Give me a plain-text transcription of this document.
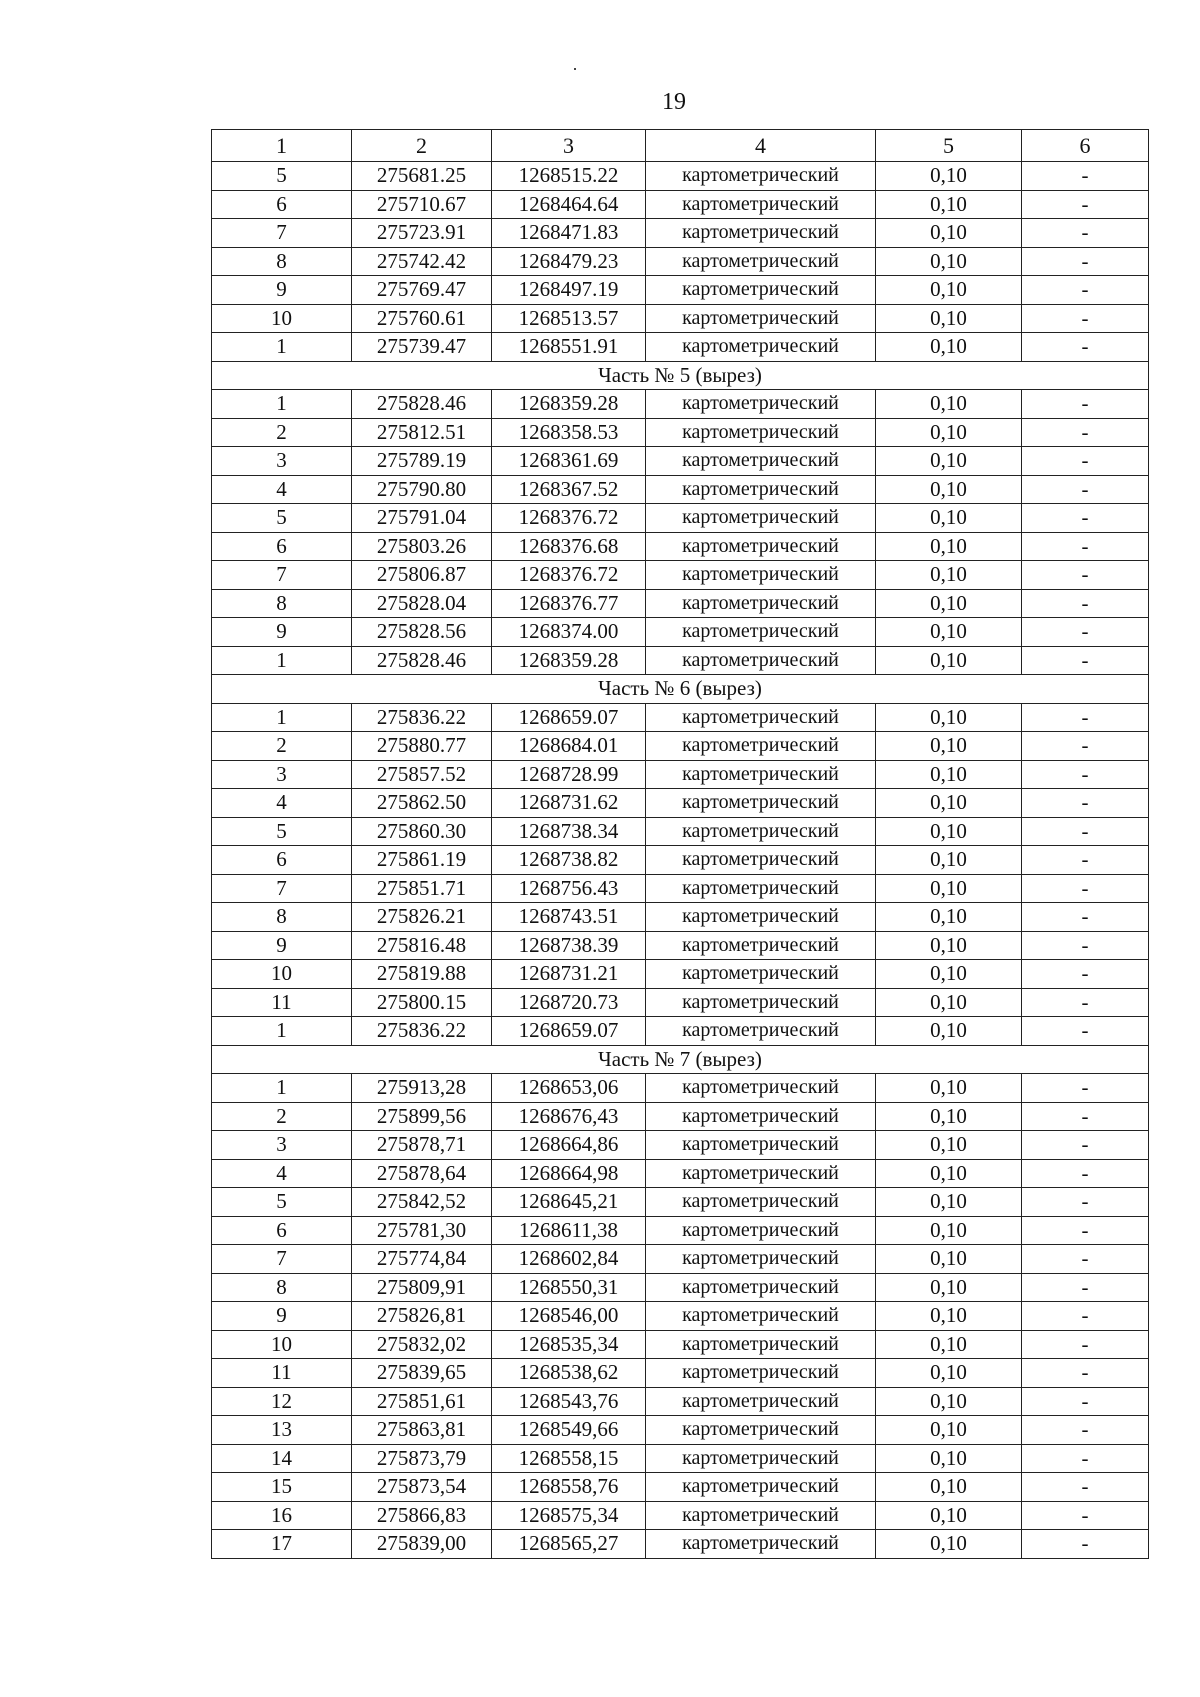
19
1	2	3	4	5	6
5	275681.25	1268515.22	картометрический	0,10	-
6	275710.67	1268464.64	картометрический	0,10	-
7	275723.91	1268471.83	картометрический	0,10	-
8	275742.42	1268479.23	картометрический	0,10	-
9	275769.47	1268497.19	картометрический	0,10	-
10	275760.61	1268513.57	картометрический	0,10	-
1	275739.47	1268551.91	картометрический	0,10	-
Часть № 5 (вырез)					
1	275828.46	1268359.28	картометрический	0,10	-
2	275812.51	1268358.53	картометрический	0,10	-
3	275789.19	1268361.69	картометрический	0,10	-
4	275790.80	1268367.52	картометрический	0,10	-
5	275791.04	1268376.72	картометрический	0,10	-
6	275803.26	1268376.68	картометрический	0,10	-
7	275806.87	1268376.72	картометрический	0,10	-
8	275828.04	1268376.77	картометрический	0,10	-
9	275828.56	1268374.00	картометрический	0,10	-
1	275828.46	1268359.28	картометрический	0,10	-
Часть № 6 (вырез)					
1	275836.22	1268659.07	картометрический	0,10	-
2	275880.77	1268684.01	картометрический	0,10	-
3	275857.52	1268728.99	картометрический	0,10	-
4	275862.50	1268731.62	картометрический	0,10	-
5	275860.30	1268738.34	картометрический	0,10	-
6	275861.19	1268738.82	картометрический	0,10	-
7	275851.71	1268756.43	картометрический	0,10	-
8	275826.21	1268743.51	картометрический	0,10	-
9	275816.48	1268738.39	картометрический	0,10	-
10	275819.88	1268731.21	картометрический	0,10	-
11	275800.15	1268720.73	картометрический	0,10	-
1	275836.22	1268659.07	картометрический	0,10	-
Часть № 7 (вырез)					
1	275913,28	1268653,06	картометрический	0,10	-
2	275899,56	1268676,43	картометрический	0,10	-
3	275878,71	1268664,86	картометрический	0,10	-
4	275878,64	1268664,98	картометрический	0,10	-
5	275842,52	1268645,21	картометрический	0,10	-
6	275781,30	1268611,38	картометрический	0,10	-
7	275774,84	1268602,84	картометрический	0,10	-
8	275809,91	1268550,31	картометрический	0,10	-
9	275826,81	1268546,00	картометрический	0,10	-
10	275832,02	1268535,34	картометрический	0,10	-
11	275839,65	1268538,62	картометрический	0,10	-
12	275851,61	1268543,76	картометрический	0,10	-
13	275863,81	1268549,66	картометрический	0,10	-
14	275873,79	1268558,15	картометрический	0,10	-
15	275873,54	1268558,76	картометрический	0,10	-
16	275866,83	1268575,34	картометрический	0,10	-
17	275839,00	1268565,27	картометрический	0,10	-
